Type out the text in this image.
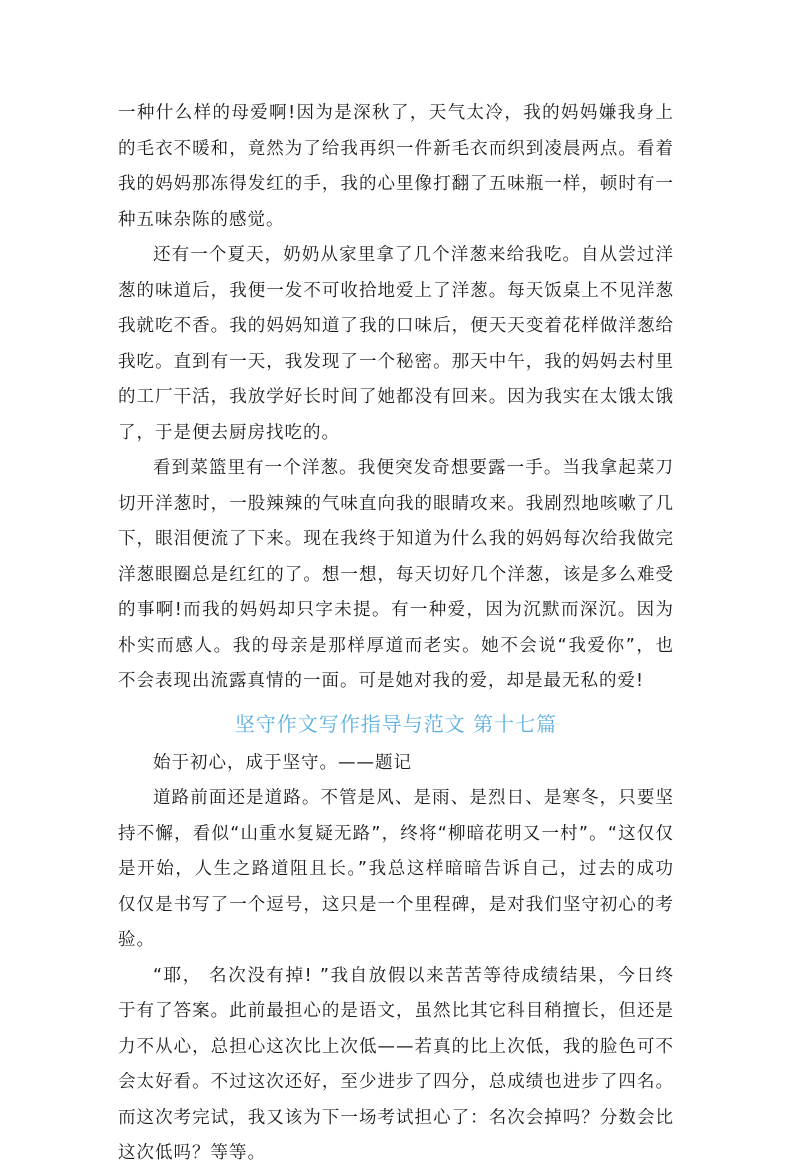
一种什么样的母爱啊!因为是深秋了，天气太冷，我的妈妈嫌我身上的毛衣不暖和，竟然为了给我再织一件新毛衣而织到凌晨两点。看着我的妈妈那冻得发红的手，我的心里像打翻了五味瓶一样，顿时有一种五味杂陈的感觉。

还有一个夏天，奶奶从家里拿了几个洋葱来给我吃。自从尝过洋葱的味道后，我便一发不可收拾地爱上了洋葱。每天饭桌上不见洋葱我就吃不香。我的妈妈知道了我的口味后，便天天变着花样做洋葱给我吃。直到有一天，我发现了一个秘密。那天中午，我的妈妈去村里的工厂干活，我放学好长时间了她都没有回来。因为我实在太饿太饿了，于是便去厨房找吃的。

看到菜篮里有一个洋葱。我便突发奇想要露一手。当我拿起菜刀切开洋葱时，一股辣辣的气味直向我的眼睛攻来。我剧烈地咳嗽了几下，眼泪便流了下来。现在我终于知道为什么我的妈妈每次给我做完洋葱眼圈总是红红的了。想一想，每天切好几个洋葱，该是多么难受的事啊!而我的妈妈却只字未提。有一种爱，因为沉默而深沉。因为朴实而感人。我的母亲是那样厚道而老实。她不会说“我爱你”，也不会表现出流露真情的一面。可是她对我的爱，却是最无私的爱!

坚守作文写作指导与范文 第十七篇

始于初心，成于坚守。——题记

道路前面还是道路。不管是风、是雨、是烈日、是寒冬，只要坚持不懈，看似“山重水复疑无路”，终将“柳暗花明又一村”。“这仅仅是开始，人生之路道阻且长。”我总这样暗暗告诉自己，过去的成功仅仅是书写了一个逗号，这只是一个里程碑，是对我们坚守初心的考验。

“耶， 名次没有掉! ”我自放假以来苦苦等待成绩结果，今日终于有了答案。此前最担心的是语文，虽然比其它科目稍擅长，但还是力不从心，总担心这次比上次低——若真的比上次低，我的脸色可不会太好看。不过这次还好，至少进步了四分，总成绩也进步了四名。而这次考完试，我又该为下一场考试担心了：名次会掉吗？分数会比这次低吗？等等。
